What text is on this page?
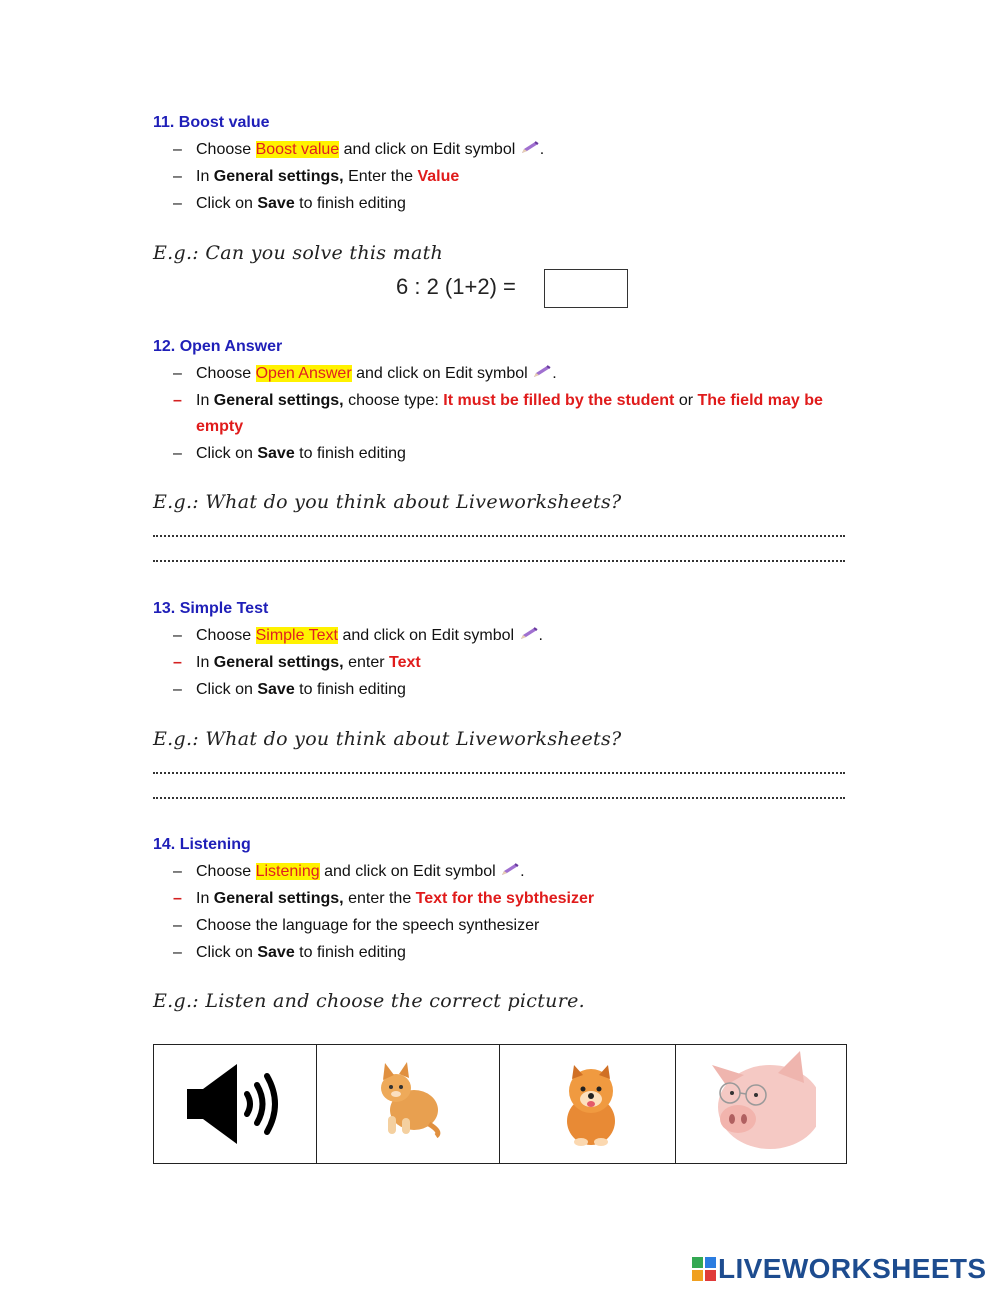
11. Boost value
– Choose Boost value and click on Edit symbol .
– In General settings, Enter the Value
– Click on Save to finish editing
E.g.: Can you solve this math
6 : 2 (1+2) =
12. Open Answer
– Choose Open Answer and click on Edit symbol .
– In General settings, choose type: It must be filled by the student or The field may be empty
– Click on Save to finish editing
E.g.: What do you think about Liveworksheets?
13. Simple Test
– Choose Simple Text and click on Edit symbol .
– In General settings, enter Text
– Click on Save to finish editing
E.g.: What do you think about Liveworksheets?
14. Listening
– Choose Listening and click on Edit symbol .
– In General settings, enter the Text for the sybthesizer
– Choose the language for the speech synthesizer
– Click on Save to finish editing
E.g.: Listen and choose the correct picture.
LIVEWORKSHEETS
